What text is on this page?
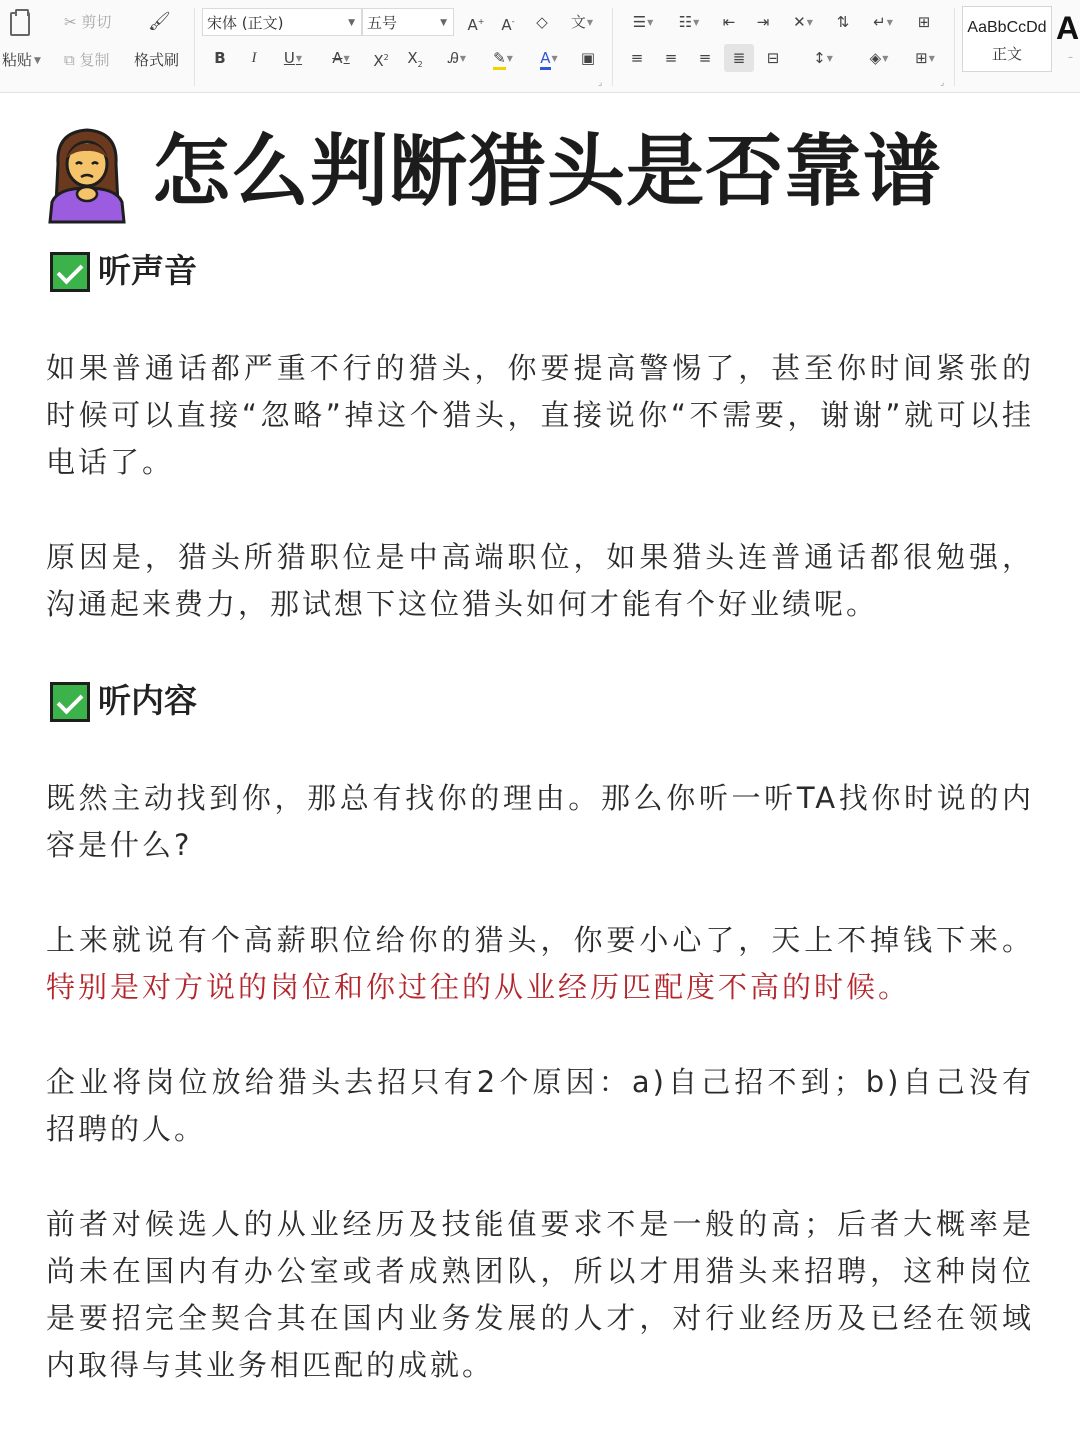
粘贴 ▼
✂ 剪切
⧉ 复制
🖌
格式刷
宋体 (正文)	▼ 五号	▼ A+ A- ◇	文▼
B	I	U▼	A▼	$X^2$ $X_2$	Ꭿ▼	✎▼	A▼	▣
⌟
☰▼	☷▼	⇤	⇥	✕▼	⇅	↵▼	⊞
≡	≡	≡	≣	⊟	↕▼	◈▼	⊞▼
⌟
AaBbCcDd
正文
A
–
怎么判断猎头是否靠谱
听声音

如果普通话都严重不行的猎头，你要提高警惕了，甚至你时间紧张的时候可以直接“忽略”掉这个猎头，直接说你“不需要，谢谢”就可以挂电话了。

原因是，猎头所猎职位是中高端职位，如果猎头连普通话都很勉强，沟通起来费力，那试想下这位猎头如何才能有个好业绩呢。

听内容

既然主动找到你，那总有找你的理由。那么你听一听TA找你时说的内容是什么?

上来就说有个高薪职位给你的猎头，你要小心了，天上不掉钱下来。特别是对方说的岗位和你过往的从业经历匹配度不高的时候。

企业将岗位放给猎头去招只有2个原因：a)自己招不到；b)自己没有招聘的人。

前者对候选人的从业经历及技能值要求不是一般的高；后者大概率是尚未在国内有办公室或者成熟团队，所以才用猎头来招聘，这种岗位是要招完全契合其在国内业务发展的人才，对行业经历及已经在领域内取得与其业务相匹配的成就。
